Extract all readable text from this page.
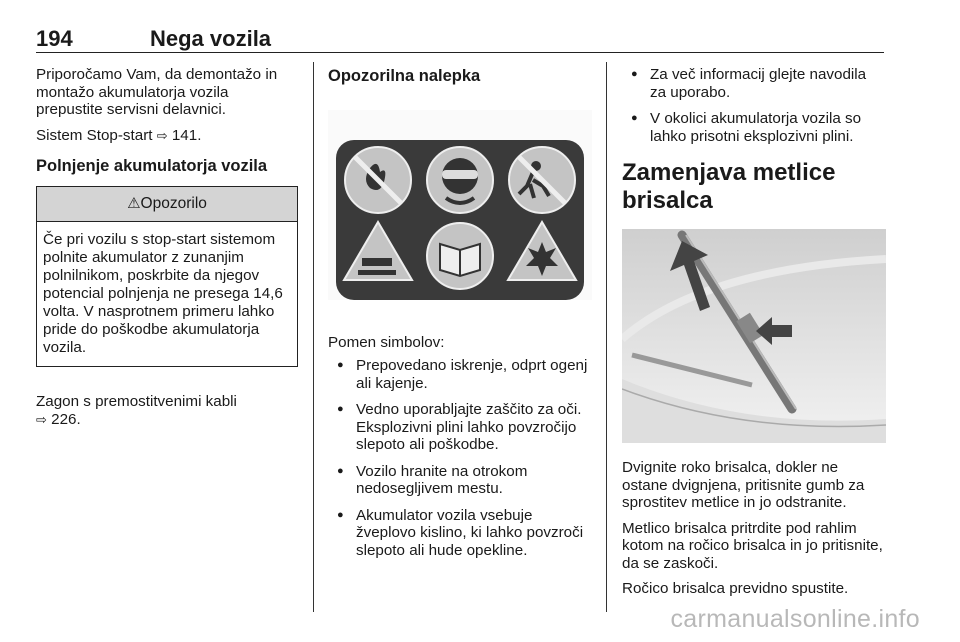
194	Nega vozila

Priporočamo Vam, da demontažo in montažo akumulatorja vozila prepustite servisni delavnici.

Sistem Stop-start ⇨ 141.

Polnjenje akumulatorja vozila
⚠Opozorilo
Če pri vozilu s stop-start sistemom polnite akumulator z zunanjim polnilnikom, poskrbite da njegov potencial polnjenja ne presega 14,6 volta. V nasprotnem primeru lahko pride do poškodbe akumulatorja vozila.

Zagon s premostitvenimi kabli
⇨ 226.

Opozorilna nalepka

Pomen simbolov:

● Prepovedano iskrenje, odprt ogenj ali kajenje.
● Vedno uporabljajte zaščito za oči. Eksplozivni plini lahko povzročijo slepoto ali poškodbe.
● Vozilo hranite na otrokom nedosegljivem mestu.
● Akumulator vozila vsebuje žveplovo kislino, ki lahko povzroči slepoto ali hude opekline.
● Za več informacij glejte navodila za uporabo.
● V okolici akumulatorja vozila so lahko prisotni eksplozivni plini.
Zamenjava metlice brisalca

Dvignite roko brisalca, dokler ne ostane dvignjena, pritisnite gumb za sprostitev metlice in jo odstranite.

Metlico brisalca pritrdite pod rahlim kotom na ročico brisalca in jo pritisnite, da se zaskoči.

Ročico brisalca previdno spustite.

carmanualsonline.info
